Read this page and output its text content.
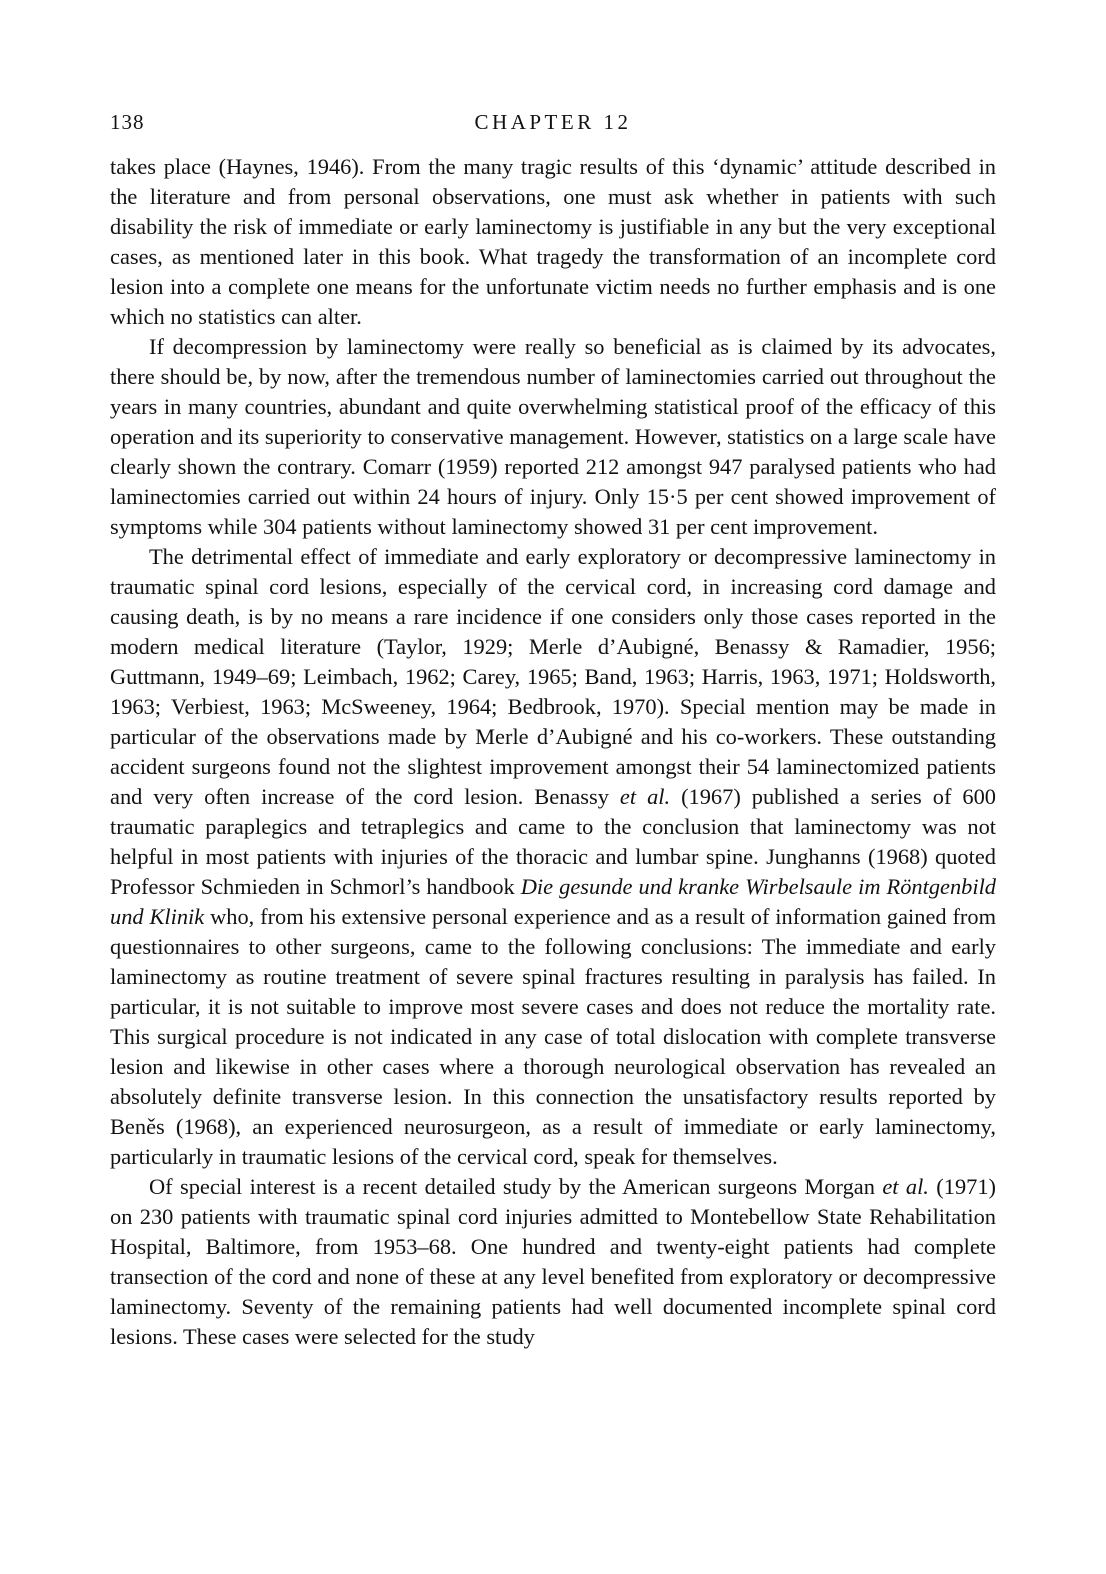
138	CHAPTER 12

takes place (Haynes, 1946). From the many tragic results of this ‘dynamic’ attitude described in the literature and from personal observations, one must ask whether in patients with such disability the risk of immediate or early laminectomy is justifiable in any but the very exceptional cases, as mentioned later in this book. What tragedy the transformation of an incomplete cord lesion into a complete one means for the unfortunate victim needs no further emphasis and is one which no statistics can alter.

If decompression by laminectomy were really so beneficial as is claimed by its advocates, there should be, by now, after the tremendous number of laminectomies carried out throughout the years in many countries, abundant and quite overwhelming statistical proof of the efficacy of this operation and its superiority to conservative management. However, statistics on a large scale have clearly shown the contrary. Comarr (1959) reported 212 amongst 947 paralysed patients who had laminectomies carried out within 24 hours of injury. Only 15·5 per cent showed improvement of symptoms while 304 patients without laminectomy showed 31 per cent improvement.

The detrimental effect of immediate and early exploratory or decompressive laminectomy in traumatic spinal cord lesions, especially of the cervical cord, in increasing cord damage and causing death, is by no means a rare incidence if one considers only those cases reported in the modern medical literature (Taylor, 1929; Merle d’Aubigné, Benassy & Ramadier, 1956; Guttmann, 1949–69; Leimbach, 1962; Carey, 1965; Band, 1963; Harris, 1963, 1971; Holdsworth, 1963; Verbiest, 1963; McSweeney, 1964; Bedbrook, 1970). Special mention may be made in particular of the observations made by Merle d’Aubigné and his co-workers. These outstanding accident surgeons found not the slightest improvement amongst their 54 laminectomized patients and very often increase of the cord lesion. Benassy et al. (1967) published a series of 600 traumatic paraplegics and tetraplegics and came to the conclusion that laminectomy was not helpful in most patients with injuries of the thoracic and lumbar spine. Junghanns (1968) quoted Professor Schmieden in Schmorl’s handbook Die gesunde und kranke Wirbelsaule im Röntgenbild und Klinik who, from his extensive personal experience and as a result of information gained from questionnaires to other surgeons, came to the following conclusions: The immediate and early laminectomy as routine treatment of severe spinal fractures resulting in paralysis has failed. In particular, it is not suitable to improve most severe cases and does not reduce the mortality rate. This surgical procedure is not indicated in any case of total dislocation with complete transverse lesion and likewise in other cases where a thorough neurological observation has revealed an absolutely definite transverse lesion. In this connection the unsatisfactory results reported by Beněs (1968), an experienced neurosurgeon, as a result of immediate or early laminectomy, particularly in traumatic lesions of the cervical cord, speak for themselves.

Of special interest is a recent detailed study by the American surgeons Morgan et al. (1971) on 230 patients with traumatic spinal cord injuries admitted to Montebellow State Rehabilitation Hospital, Baltimore, from 1953–68. One hundred and twenty-eight patients had complete transection of the cord and none of these at any level benefited from exploratory or decompressive laminectomy. Seventy of the remaining patients had well documented incomplete spinal cord lesions. These cases were selected for the study
